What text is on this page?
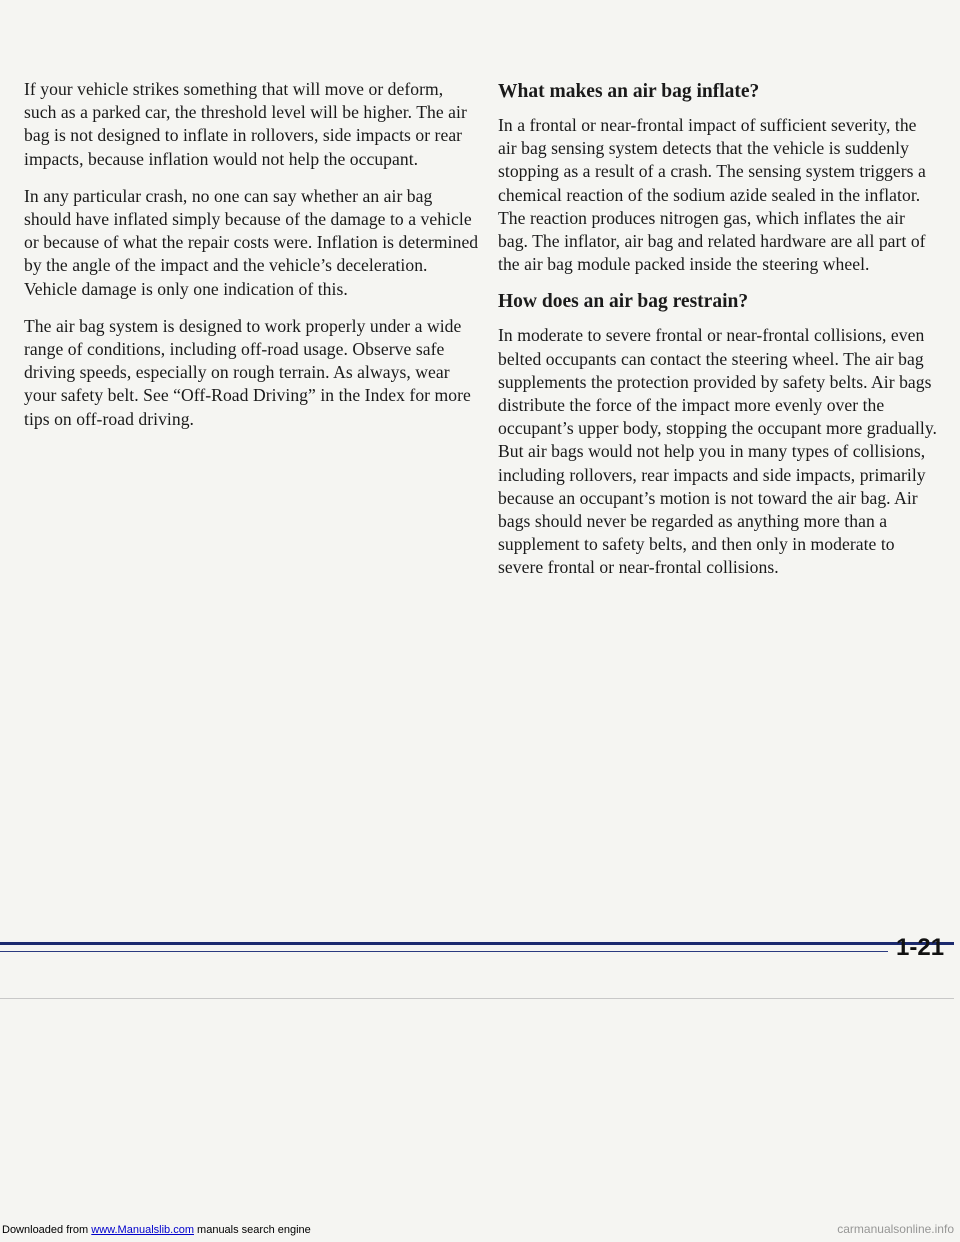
If your vehicle strikes something that will move or deform, such as a parked car, the threshold level will be higher. The air bag is not designed to inflate in rollovers, side impacts or rear impacts, because inflation would not help the occupant.

In any particular crash, no one can say whether an air bag should have inflated simply because of the damage to a vehicle or because of what the repair costs were. Inflation is determined by the angle of the impact and the vehicle’s deceleration. Vehicle damage is only one indication of this.

The air bag system is designed to work properly under a wide range of conditions, including off-road usage. Observe safe driving speeds, especially on rough terrain. As always, wear your safety belt. See “Off-Road Driving” in the Index for more tips on off-road driving.

What makes an air bag inflate?

In a frontal or near-frontal impact of sufficient severity, the air bag sensing system detects that the vehicle is suddenly stopping as a result of a crash. The sensing system triggers a chemical reaction of the sodium azide sealed in the inflator. The reaction produces nitrogen gas, which inflates the air bag. The inflator, air bag and related hardware are all part of the air bag module packed inside the steering wheel.

How does an air bag restrain?

In moderate to severe frontal or near-frontal collisions, even belted occupants can contact the steering wheel. The air bag supplements the protection provided by safety belts. Air bags distribute the force of the impact more evenly over the occupant’s upper body, stopping the occupant more gradually. But air bags would not help you in many types of collisions, including rollovers, rear impacts and side impacts, primarily because an occupant’s motion is not toward the air bag. Air bags should never be regarded as anything more than a supplement to safety belts, and then only in moderate to severe frontal or near-frontal collisions.

1-21
Downloaded from www.Manualslib.com manuals search engine	carmanualsonline.info
